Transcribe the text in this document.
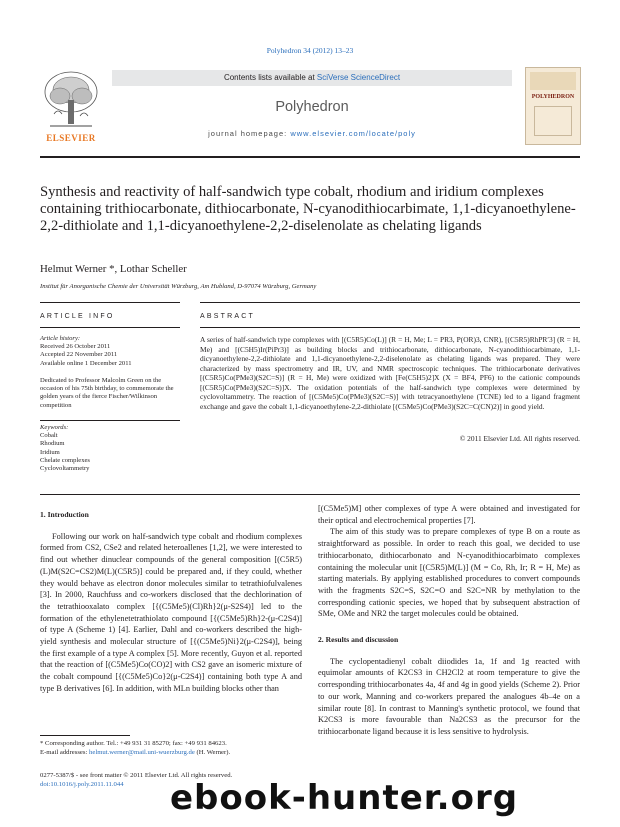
Polyhedron 34 (2012) 13–23
ELSEVIER
Contents lists available at SciVerse ScienceDirect
Polyhedron
journal homepage: www.elsevier.com/locate/poly
POLYHEDRON
Synthesis and reactivity of half-sandwich type cobalt, rhodium and iridium complexes containing trithiocarbonate, dithiocarbonate, N-cyanodithiocarbimate, 1,1-dicyanoethylene-2,2-dithiolate and 1,1-dicyanoethylene-2,2-diselenolate as chelating ligands
Helmut Werner *, Lothar Scheller
Institut für Anorganische Chemie der Universität Würzburg, Am Hubland, D-97074 Würzburg, Germany
ARTICLE INFO	ABSTRACT
Article history:
Received 26 October 2011
Accepted 22 November 2011
Available online 1 December 2011
Dedicated to Professor Malcolm Green on the occasion of his 75th birthday, to commemorate the golden years of the fierce Fischer/Wilkinson competition
Keywords:
Cobalt
Rhodium
Iridium
Chelate complexes
Cyclovoltammetry
A series of half-sandwich type complexes with [(C5R5)Co(L)] (R = H, Me; L = PR3, P(OR)3, CNR), [(C5R5)RhPR′3] (R = H, Me) and [(C5H5)Ir(PiPr3)] as building blocks and trithiocarbonate, dithiocarbonate, N-cyanodithiocarbimate, 1,1-dicyanoethylene-2,2-dithiolate and 1,1-dicyanoethylene-2,2-diselenolate as chelating ligands was prepared. They were characterized by mass spectrometry and IR, UV, and NMR spectroscopic techniques. The trithiocarbonate derivatives [(C5R5)Co(PMe3)(S2C=S)] (R = H, Me) were oxidized with [Fe(C5H5)2]X (X = BF4, PF6) to the cationic compounds [(C5R5)Co(PMe3)(S2C=S)]X. The oxidation potentials of the half-sandwich type complexes were determined by cyclovoltammetry. The reaction of [(C5Me5)Co(PMe3)(S2C=S)] with tetracyanoethylene (TCNE) led to a ligand fragment exchange and gave the cobalt 1,1-dicyanoethylene-2,2-dithiolate [(C5Me5)Co(PMe3)(S2C=C(CN)2)] in good yield.
© 2011 Elsevier Ltd. All rights reserved.
1. Introduction

Following our work on half-sandwich type cobalt and rhodium complexes formed from CS2, CSe2 and related heteroallenes [1,2], we were interested to find out whether dinuclear compounds of the general composition [(C5R5)(L)M(S2C=CS2)M(L)(C5R5)] could be prepared and, if they could, whether they would behave as electron donor molecules similar to tetrathiofulvalenes [3]. In 2000, Rauchfuss and co-workers disclosed that the dechlorination of the tetrathiooxalato complex [{(C5Me5)(Cl)Rh}2(μ-S2S4)] led to the formation of the ethylenetetrathiolato compound [{(C5Me5)Rh}2-(μ-C2S4)] of type A (Scheme 1) [4]. Earlier, Dahl and co-workers described the high-yield synthesis and molecular structure of [{(C5Me5)Ni}2(μ-C2S4)], being the first example of a type A complex [5]. More recently, Guyon et al. reported that the reaction of [(C5Me5)Co(CO)2] with CS2 gave an isomeric mixture of the cobalt compound [{(C5Me5)Co}2(μ-C2S4)] containing both type A and type B derivatives [6]. In addition, with MLn building blocks other than

[(C5Me5)M] other complexes of type A were obtained and investigated for their optical and electrochemical properties [7].

The aim of this study was to prepare complexes of type B on a route as straightforward as possible. In order to reach this goal, we decided to use trithiocarbonato, dithiocarbonato and N-cyanodithiocarbimato complexes containing the molecular unit [(C5R5)M(L)] (M = Co, Rh, Ir; R = H, Me) as starting materials. By applying established procedures to convert compounds with the fragments S2C=S, S2C=O and S2C=NR by methylation to the corresponding cationic species, we hoped that by subsequent abstraction of SMe, OMe and NR2 the target molecules could be obtained.

2. Results and discussion

The cyclopentadienyl cobalt diiodides 1a, 1f and 1g reacted with equimolar amounts of K2CS3 in CH2Cl2 at room temperature to give the corresponding trithiocarbonates 4a, 4f and 4g in good yields (Scheme 2). Prior to our work, Manning and co-workers prepared the analogues 4b–4e on a similar route [8]. In contrast to Manning's synthetic protocol, we found that K2CS3 is more favourable than Na2CS3 as the precursor for the trithiocarbonate ligand because it is less sensitive to hydrolysis.

* Corresponding author. Tel.: +49 931 31 85270; fax: +49 931 84623.
E-mail addresses: helmut.werner@mail.uni-wuerzburg.de (H. Werner).
0277-5387/$ - see front matter © 2011 Elsevier Ltd. All rights reserved.
doi:10.1016/j.poly.2011.11.044	ebook-hunter.org
